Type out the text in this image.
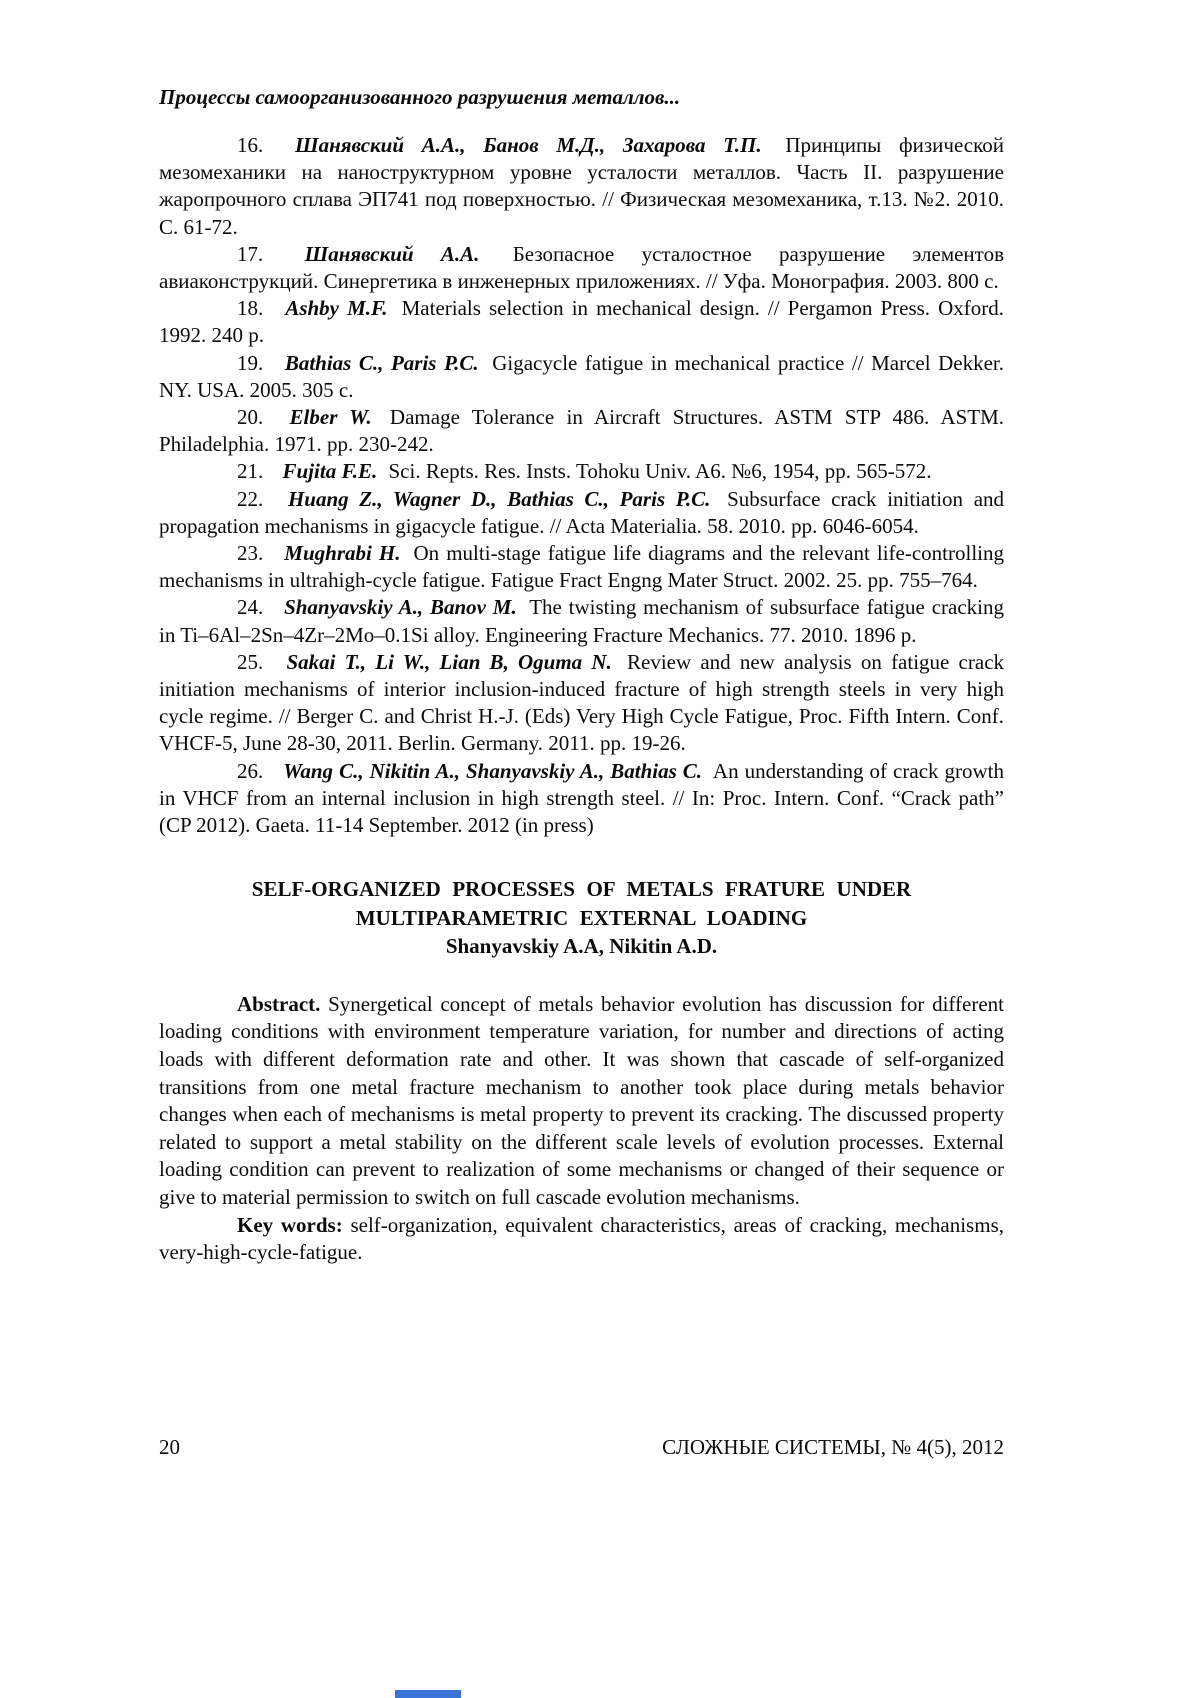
Процессы самоорганизованного разрушения металлов...

16. Шанявский А.А., Банов М.Д., Захарова Т.П. Принципы физической мезомеханики на наноструктурном уровне усталости металлов. Часть II. разрушение жаропрочного сплава ЭП741 под поверхностью. // Физическая мезомеханика, т.13. №2. 2010. С. 61-72.

17. Шанявский А.А. Безопасное усталостное разрушение элементов авиаконструкций. Синергетика в инженерных приложениях. // Уфа. Монография. 2003. 800 с.

18. Ashby M.F. Materials selection in mechanical design. // Pergamon Press. Oxford. 1992. 240 p.

19. Bathias C., Paris P.C. Gigacycle fatigue in mechanical practice // Marcel Dekker. NY. USA. 2005. 305 c.

20. Elber W. Damage Tolerance in Aircraft Structures. ASTM STP 486. ASTM. Philadelphia. 1971. pp. 230-242.

21. Fujita F.E. Sci. Repts. Res. Insts. Tohoku Univ. A6. №6, 1954, pp. 565-572.

22. Huang Z., Wagner D., Bathias C., Paris P.C. Subsurface crack initiation and propagation mechanisms in gigacycle fatigue. // Acta Materialia. 58. 2010. pp. 6046-6054.

23. Mughrabi H. On multi-stage fatigue life diagrams and the relevant life-controlling mechanisms in ultrahigh-cycle fatigue. Fatigue Fract Engng Mater Struct. 2002. 25. pp. 755–764.

24. Shanyavskiy A., Banov M. The twisting mechanism of subsurface fatigue cracking in Ti–6Al–2Sn–4Zr–2Mo–0.1Si alloy. Engineering Fracture Mechanics. 77. 2010. 1896 p.

25. Sakai T., Li W., Lian B, Oguma N. Review and new analysis on fatigue crack initiation mechanisms of interior inclusion-induced fracture of high strength steels in very high cycle regime. // Berger C. and Christ H.-J. (Eds) Very High Cycle Fatigue, Proc. Fifth Intern. Conf. VHCF-5, June 28-30, 2011. Berlin. Germany. 2011. pp. 19-26.

26. Wang C., Nikitin A., Shanyavskiy A., Bathias C. An understanding of crack growth in VHCF from an internal inclusion in high strength steel. // In: Proc. Intern. Conf. “Crack path” (CP 2012). Gaeta. 11-14 September. 2012 (in press)

SELF-ORGANIZED PROCESSES OF METALS FRATURE UNDER
MULTIPARAMETRIC EXTERNAL LOADING
Shanyavskiy A.A, Nikitin A.D.

Abstract. Synergetical concept of metals behavior evolution has discussion for different loading conditions with environment temperature variation, for number and directions of acting loads with different deformation rate and other. It was shown that cascade of self-organized transitions from one metal fracture mechanism to another took place during metals behavior changes when each of mechanisms is metal property to prevent its cracking. The discussed property related to support a metal stability on the different scale levels of evolution processes. External loading condition can prevent to realization of some mechanisms or changed of their sequence or give to material permission to switch on full cascade evolution mechanisms.

Key words: self-organization, equivalent characteristics, areas of cracking, mechanisms, very-high-cycle-fatigue.

20	СЛОЖНЫЕ СИСТЕМЫ, № 4(5), 2012
